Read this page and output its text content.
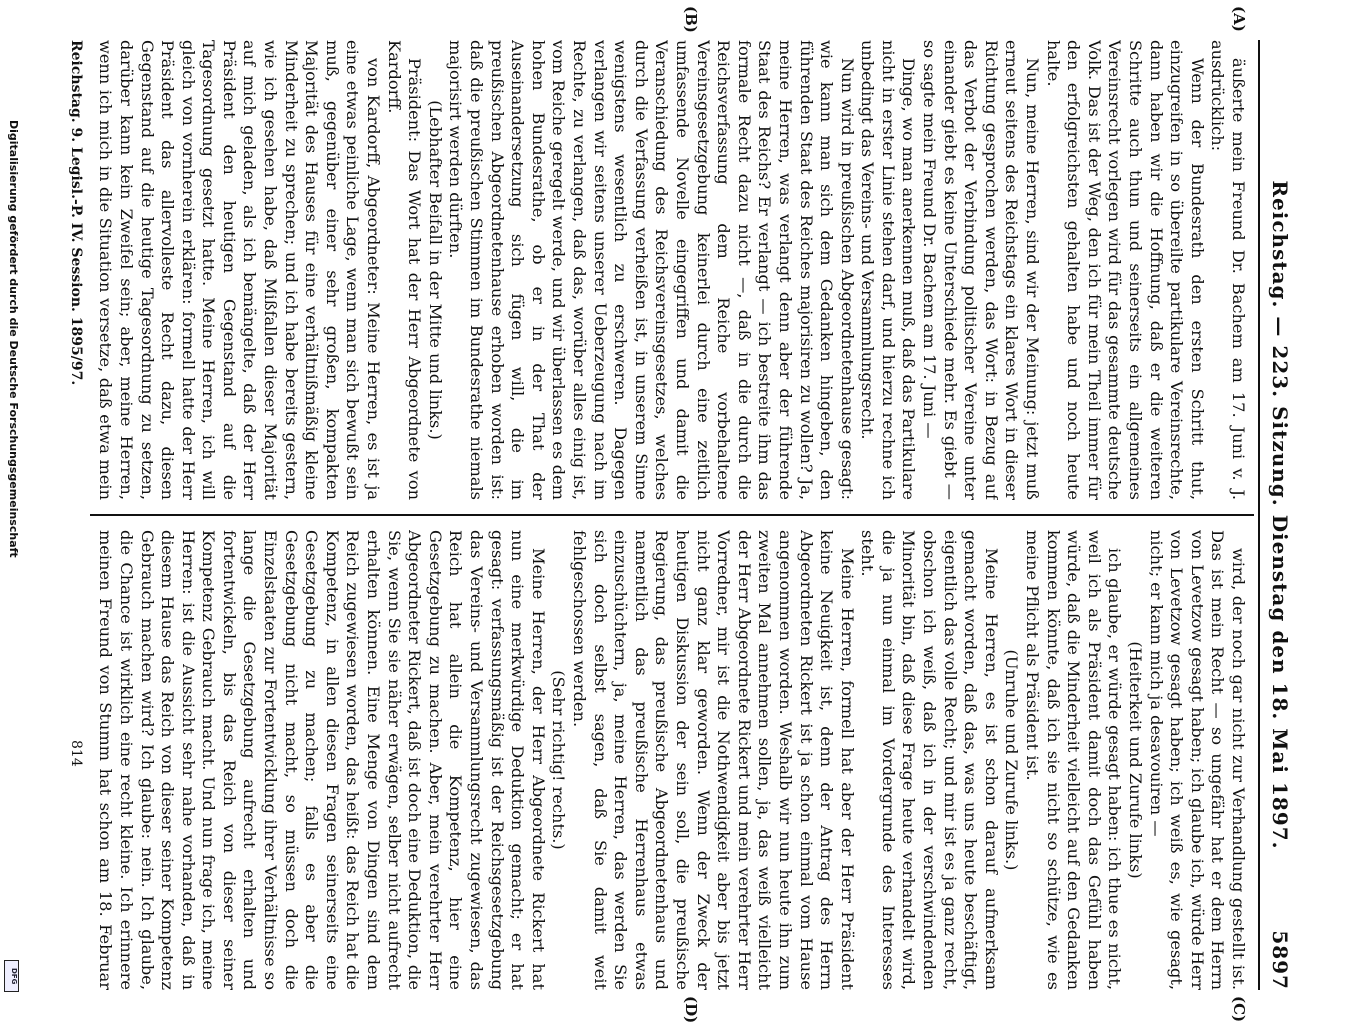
Reichstag. — 223. Sitzung. Dienstag den 18. Mai 1897.
5897

äußerte mein Freund Dr. Bachem am 17. Juni v. J. ausdrücklich:

Wenn der Bundesrath den ersten Schritt thut, einzugreifen in so übereilte partikulare Vereinsrechte, dann haben wir die Hoffnung, daß er die weiteren Schritte auch thun und seinerseits ein allgemeines Vereinsrecht vorlegen wird für das gesammte deutsche Volk. Das ist der Weg, den ich für mein Theil immer für den erfolgreichsten gehalten habe und noch heute halte.

Nun, meine Herren, sind wir der Meinung: jetzt muß erneut seitens des Reichstags ein klares Wort in dieser Richtung gesprochen werden, das Wort: in Bezug auf das Verbot der Verbindung politischer Vereine unter einander giebt es keine Unterschiede mehr. Es giebt — so sagte mein Freund Dr. Bachem am 17. Juni —

Dinge, wo man anerkennen muß, daß das Partikulare nicht in erster Linie stehen darf, und hierzu rechne ich unbedingt das Vereins- und Versammlungsrecht.

Nun wird in preußischen Abgeordnetenhause gesagt: wie kann man sich dem Gedanken hingeben, den führenden Staat des Reiches majorisiren zu wollen? Ja, meine Herren, was verlangt denn aber der führende Staat des Reichs? Er verlangt — ich bestreite ihm das formale Recht dazu nicht —, daß in die durch die Reichsverfassung dem Reiche vorbehaltene Vereinsgesetzgebung keinerlei durch eine zeitlich umfassende Novelle eingegriffen und damit die Veranschiedung des Reichsvereinsgesetzes, welches durch die Verfassung verheißen ist, in unserem Sinne wenigstens wesentlich zu erschweren. Dagegen verlangen wir seitens unserer Ueberzeugung nach im Rechte, zu verlangen, daß das, worüber alles einig ist, vom Reiche geregelt werde, und wir überlassen es dem hohen Bundesrathe, ob er in der That der Auseinandersetzung sich fügen will, die im preußischen Abgeordnetenhause erhoben worden ist: daß die preußischen Stimmen im Bundesrathe niemals majorisirt werden dürften.

(Lebhafter Beifall in der Mitte und links.)

Präsident: Das Wort hat der Herr Abgeordnete von Kardorff.

von Kardorff, Abgeordneter: Meine Herren, es ist ja eine etwas peinliche Lage, wenn man sich bewußt sein muß, gegenüber einer sehr großen, kompakten Majorität des Hauses für eine verhältnißmäßig kleine Minderheit zu sprechen; und ich habe bereits gestern, wie ich gesehen habe, daß Mißfallen dieser Majorität auf mich geladen, als ich bemängelte, daß der Herr Präsident den heutigen Gegenstand auf die Tagesordnung gesetzt hatte. Meine Herren, ich will gleich von vornherein erklären: formell hatte der Herr Präsident das allervolleste Recht dazu, diesen Gegenstand auf die heutige Tagesordnung zu setzen, darüber kann kein Zweifel sein; aber, meine Herren, wenn ich mich in die Situation versetze, daß etwa mein

wird, der noch gar nicht zur Verhandlung gestellt ist. Das ist mein Recht — so ungefähr hat er dem Herrn von Levetzow gesagt haben; ich glaube ich, würde Herr von Levetzow gesagt haben; ich weiß es, wie gesagt, nicht; er kann mich ja desavouiren —

(Heiterkeit und Zurufe links)

ich glaube, er würde gesagt haben: ich thue es nicht, weil ich als Präsident damit doch das Gefühl haben würde, daß die Minderheit vielleicht auf den Gedanken kommen könnte, daß ich sie nicht so schütze, wie es meine Pflicht als Präsident ist.

(Unruhe und Zurufe links.)

Meine Herren, es ist schon darauf aufmerksam gemacht worden, daß das, was uns heute beschäftigt, eigentlich das volle Recht; und mir ist es ja ganz recht, obschon ich weiß, daß ich in der verschwindenden Minorität bin, daß diese Frage heute verhandelt wird, die ja nun einmal im Vordergrunde des Interesses steht.

Meine Herren, formell hat aber der Herr Präsident keine Neuigkeit ist, denn der Antrag des Herrn Abgeordneten Rickert ist ja schon einmal vom Hause angenommen worden. Weshalb wir nun heute ihn zum zweiten Mal annehmen sollen, ja, das weiß vielleicht der Herr Abgeordnete Rickert und mein verehrter Herr Vorredner, mir ist die Nothwendigkeit aber bis jetzt nicht ganz klar geworden. Wenn der Zweck der heutigen Diskussion der sein soll, die preußische Regierung, das preußische Abgeordnetenhaus und namentlich das preußische Herrenhaus etwas einzuschüchtern, ja, meine Herren, das werden Sie sich doch selbst sagen, daß Sie damit weit fehlgeschossen werden.

(Sehr richtig! rechts.)

Meine Herren, der Herr Abgeordnete Rickert hat nun eine merkwürdige Deduktion gemacht; er hat gesagt: verfassungsmäßig ist der Reichsgesetzgebung das Vereins- und Versammlungsrecht zugewiesen, das Reich hat allein die Kompetenz, hier eine Gesetzgebung zu machen. Aber, mein verehrter Herr Abgeordneter Rickert, daß ist doch eine Deduktion, die Sie, wenn Sie sie näher erwägen, selber nicht aufrecht erhalten können. Eine Menge von Dingen sind dem Reich zugewiesen worden, das heißt: das Reich hat die Kompetenz, in allen diesen Fragen seinerseits eine Gesetzgebung zu machen; falls es aber die Gesetzgebung nicht macht, so müssen doch die Einzelstaaten zur Fortentwicklung ihrer Verhältnisse so lange die Gesetzgebung aufrecht erhalten und fortentwickeln, bis das Reich von dieser seiner Kompetenz Gebrauch macht. Und nun frage ich, meine Herren: ist die Aussicht sehr nahe vorhanden, daß in diesem Hause das Reich von dieser seiner Kompetenz Gebrauch machen wird? Ich glaube: nein. Ich glaube, die Chance ist wirklich eine recht kleine. Ich erinnere meinen Freund von Stumm hat schon am 18. Februar

(A)
(B)
(C)
(D)
Reichstag. 9. Legisl.-P. IV. Session. 1895/97.
814
Digitalisierung gefördert durch die Deutsche Forschungsgemeinschaft
DFG
